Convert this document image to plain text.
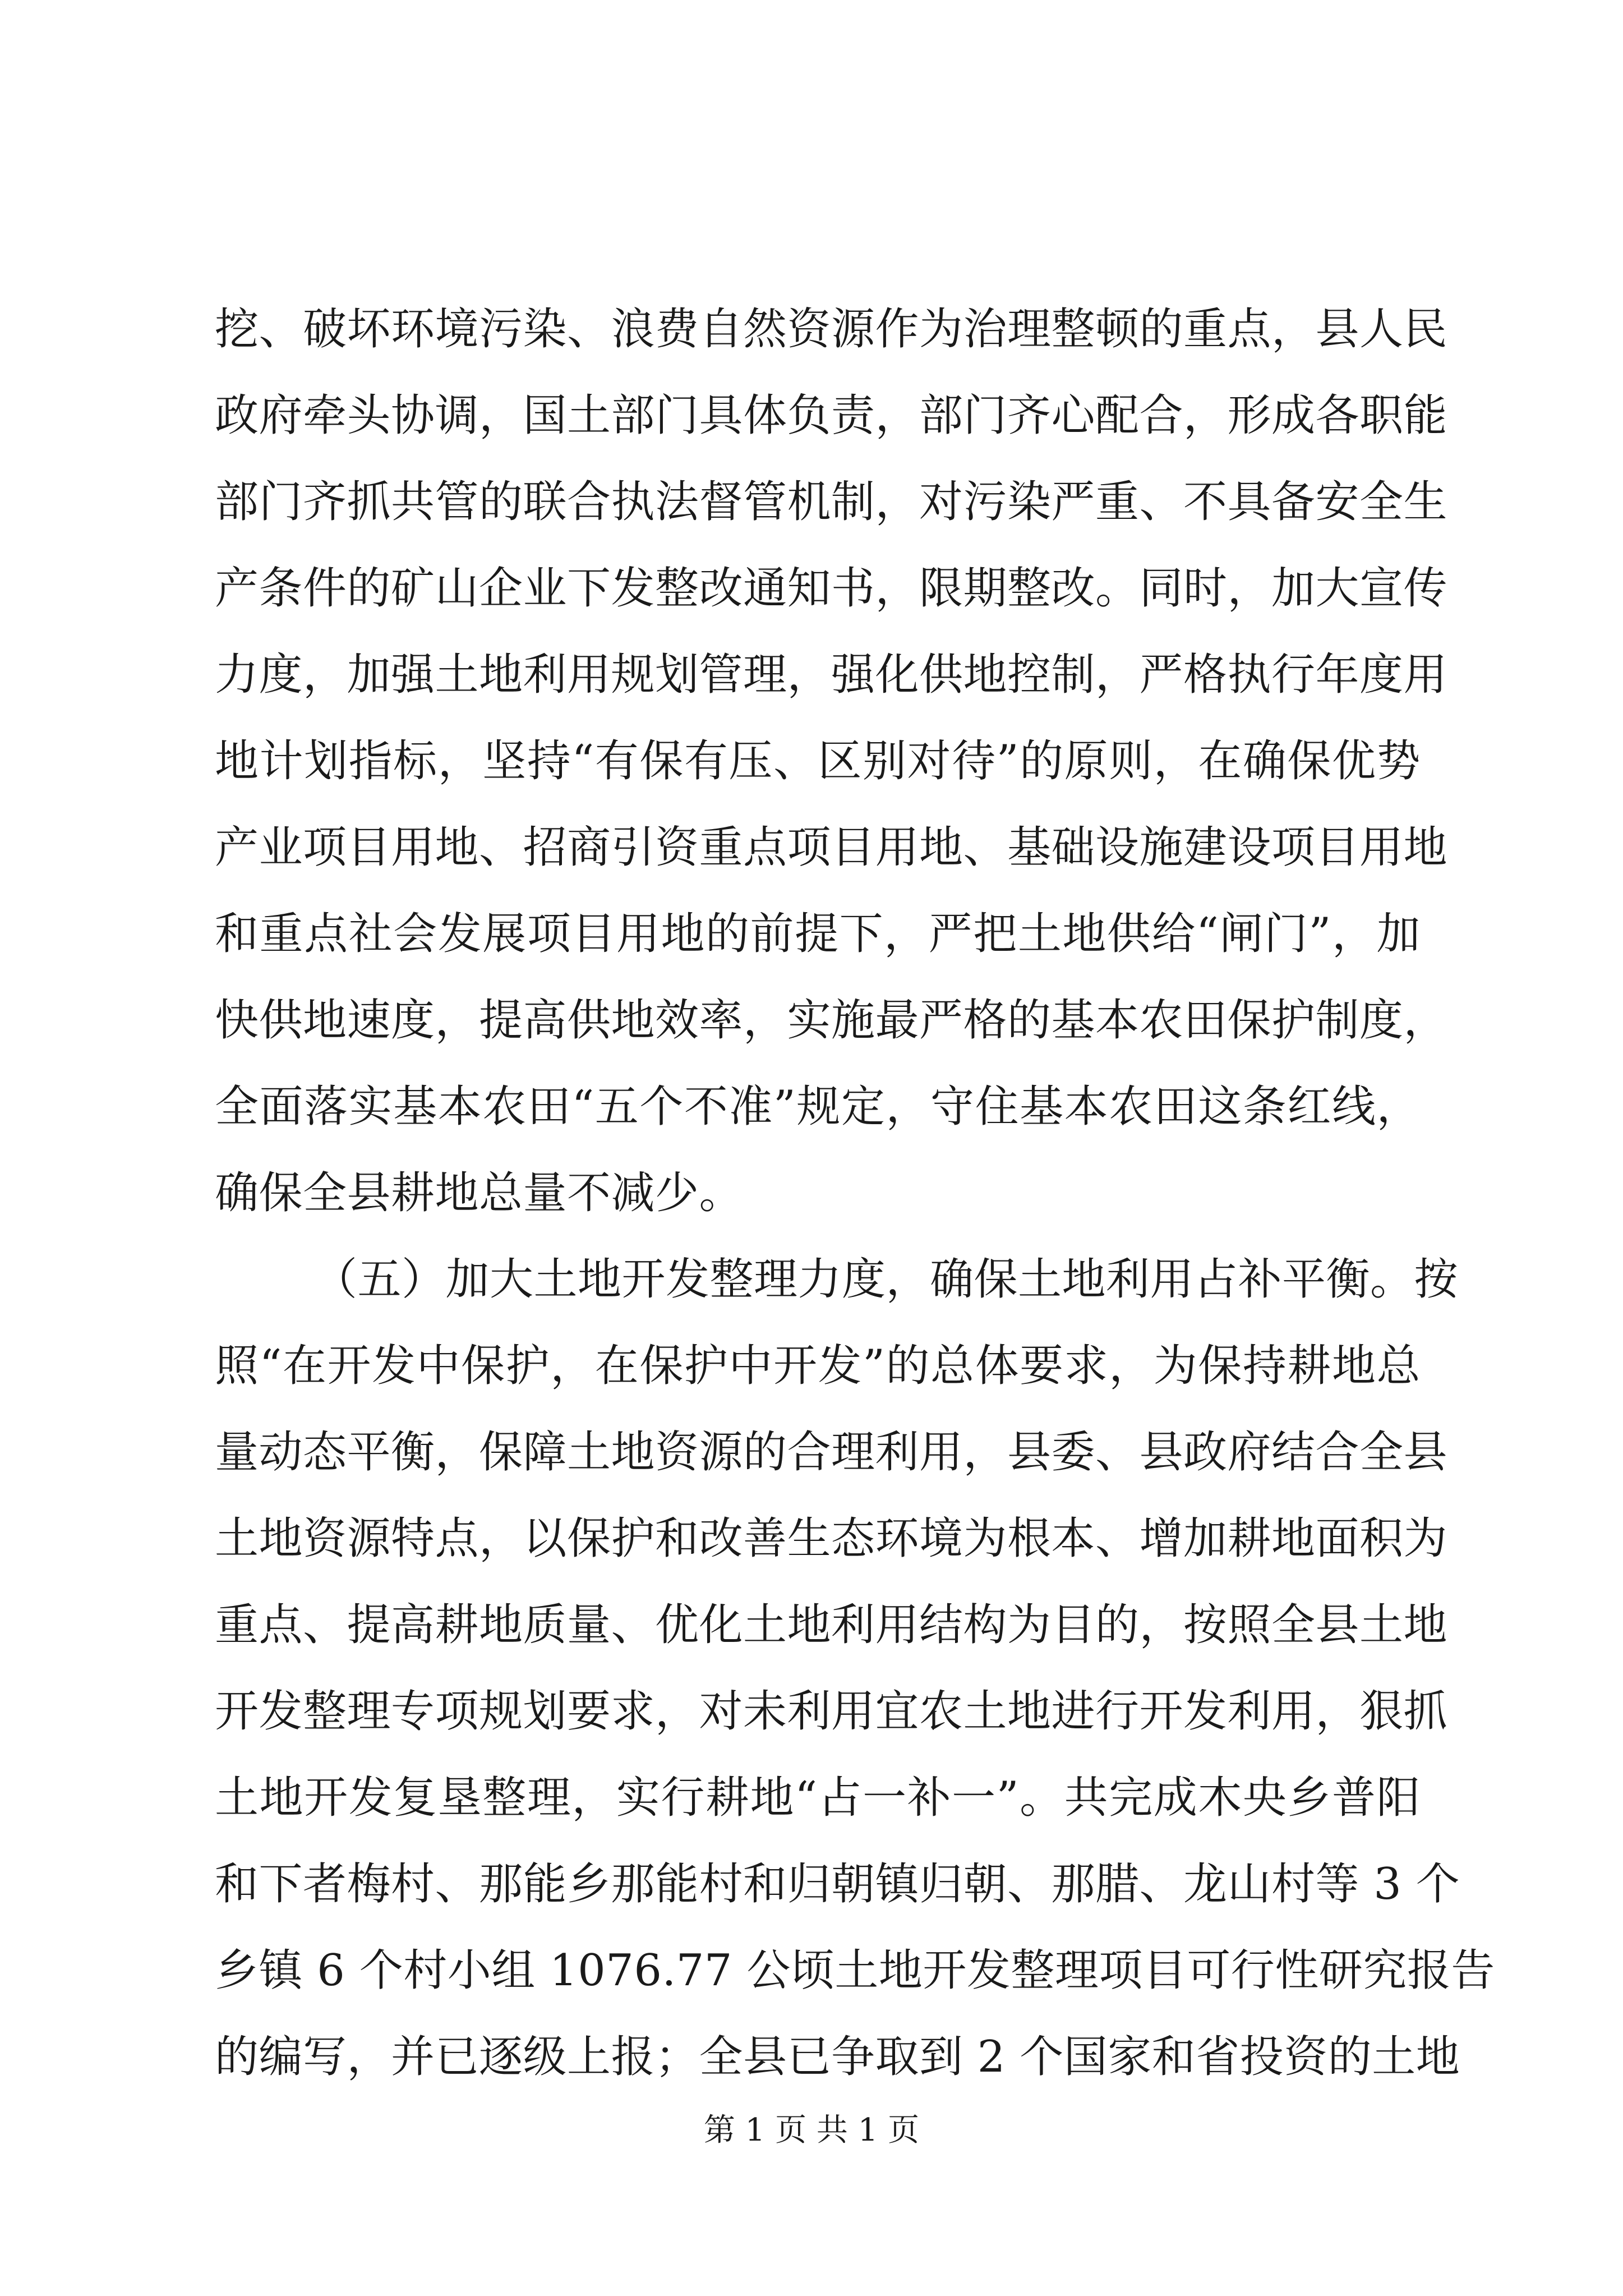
挖、破坏环境污染、浪费自然资源作为治理整顿的重点，县人民
政府牵头协调，国土部门具体负责，部门齐心配合，形成各职能
部门齐抓共管的联合执法督管机制，对污染严重、不具备安全生
产条件的矿山企业下发整改通知书，限期整改。同时，加大宣传
力度，加强土地利用规划管理，强化供地控制，严格执行年度用
地计划指标，坚持“有保有压、区别对待”的原则，在确保优势
产业项目用地、招商引资重点项目用地、基础设施建设项目用地
和重点社会发展项目用地的前提下，严把土地供给“闸门”，加
快供地速度，提高供地效率，实施最严格的基本农田保护制度，
全面落实基本农田“五个不准”规定，守住基本农田这条红线，
确保全县耕地总量不减少。
（五）加大土地开发整理力度，确保土地利用占补平衡。按
照“在开发中保护，在保护中开发”的总体要求，为保持耕地总
量动态平衡，保障土地资源的合理利用，县委、县政府结合全县
土地资源特点，以保护和改善生态环境为根本、增加耕地面积为
重点、提高耕地质量、优化土地利用结构为目的，按照全县土地
开发整理专项规划要求，对未利用宜农土地进行开发利用，狠抓
土地开发复垦整理，实行耕地“占一补一”。共完成木央乡普阳
和下者梅村、那能乡那能村和归朝镇归朝、那腊、龙山村等 3 个
乡镇 6 个村小组 1076.77 公顷土地开发整理项目可行性研究报告
的编写，并已逐级上报；全县已争取到 2 个国家和省投资的土地
第 1 页 共 1 页
